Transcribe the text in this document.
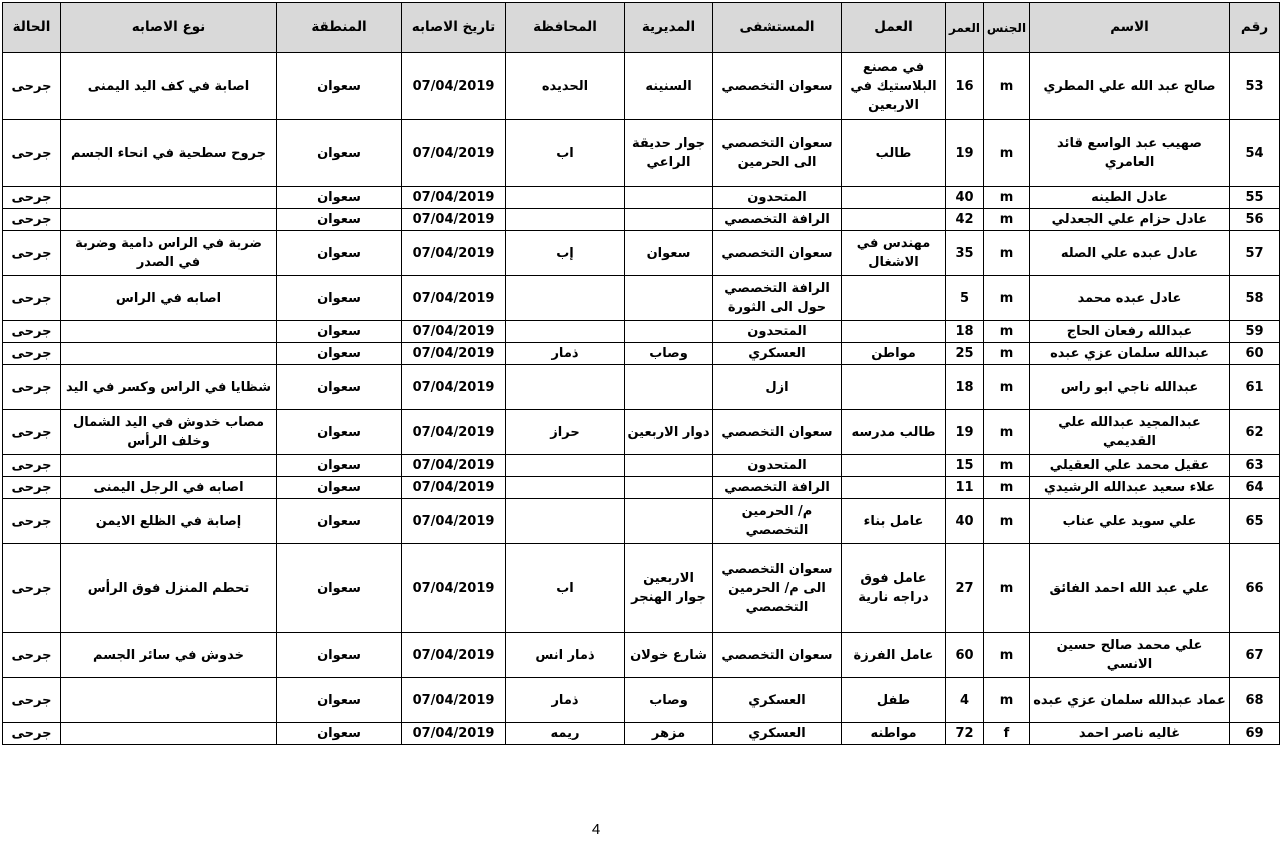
رقم	الاسم	الجنس	العمر	العمل	المستشفى	المديرية	المحافظة	تاريخ الاصابه	المنطقة	نوع الاصابه	الحالة
53	صالح عبد الله علي المطري	m	16	في مصنع البلاستيك في الاربعين	سعوان التخصصي	السنينه	الحديده	07/04/2019	سعوان	اصابة في كف اليد اليمنى	جرحى
54	صهيب عبد الواسع قائد العامري	m	19	طالب	سعوان التخصصي الى الحرمين	جوار حديقة الراعي	اب	07/04/2019	سعوان	جروح سطحية في انحاء الجسم	جرحى
55	عادل الطينه	m	40		المتحدون			07/04/2019	سعوان		جرحى
56	عادل حزام علي الجعدلي	m	42		الرافة التخصصي			07/04/2019	سعوان		جرحى
57	عادل عبده علي الصله	m	35	مهندس في الاشغال	سعوان التخصصي	سعوان	إب	07/04/2019	سعوان	ضربة في الراس دامية وضربة في الصدر	جرحى
58	عادل عبده محمد	m	5		الرافة التخصصي حول الى الثورة			07/04/2019	سعوان	اصابه في الراس	جرحى
59	عبدالله رفعان الحاج	m	18		المتحدون			07/04/2019	سعوان		جرحى
60	عبدالله سلمان عزي عبده	m	25	مواطن	العسكري	وصاب	ذمار	07/04/2019	سعوان		جرحى
61	عبدالله ناجي ابو راس	m	18		ازل			07/04/2019	سعوان	شظايا في الراس وكسر في اليد	جرحى
62	عبدالمجيد عبدالله علي القديمي	m	19	طالب مدرسه	سعوان التخصصي	دوار الاربعين	حراز	07/04/2019	سعوان	مصاب خدوش في اليد الشمال وخلف الرأس	جرحى
63	عقيل محمد علي العقيلي	m	15		المتحدون			07/04/2019	سعوان		جرحى
64	علاء سعيد عبدالله الرشيدي	m	11		الرافة التخصصي			07/04/2019	سعوان	اصابه في الرجل اليمنى	جرحى
65	علي سويد علي عناب	m	40	عامل بناء	م/ الحرمين التخصصي			07/04/2019	سعوان	إصابة في الظلع الايمن	جرحى
66	علي عبد الله احمد الفائق	m	27	عامل فوق دراجه نارية	سعوان التخصصي الى م/ الحرمين التخصصي	الاربعين جوار الهنجر	اب	07/04/2019	سعوان	تحطم المنزل فوق الرأس	جرحى
67	علي محمد صالح حسين الانسي	m	60	عامل الفرزة	سعوان التخصصي	شارع خولان	ذمار انس	07/04/2019	سعوان	خدوش في سائر الجسم	جرحى
68	عماد عبدالله سلمان عزي عبده	m	4	طفل	العسكري	وصاب	ذمار	07/04/2019	سعوان		جرحى
69	غاليه ناصر احمد	f	72	مواطنه	العسكري	مزهر	ريمه	07/04/2019	سعوان		جرحى
4
